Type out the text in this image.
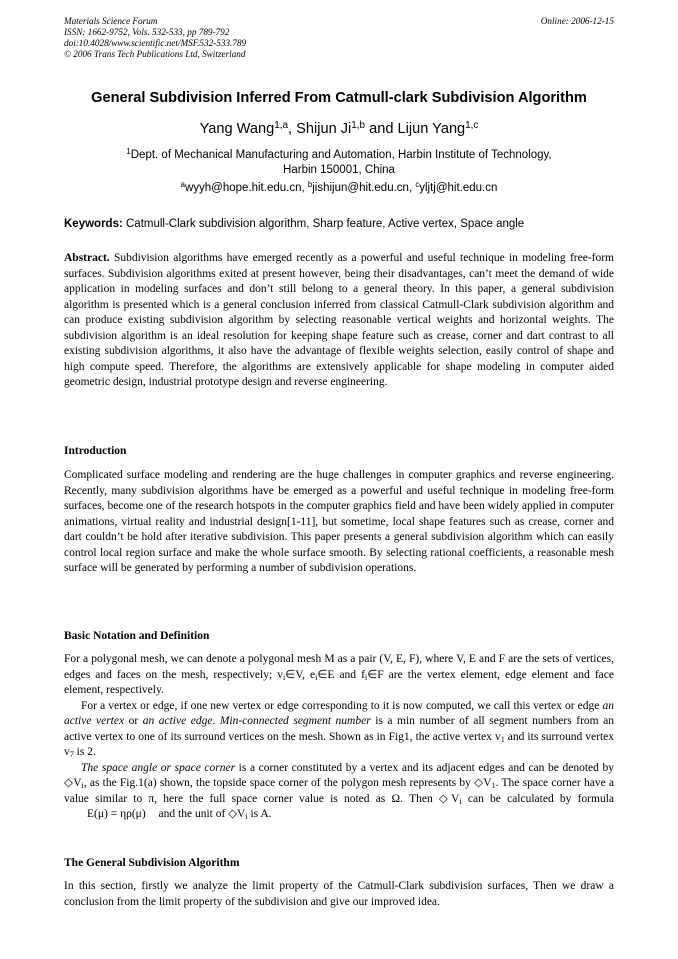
Materials Science Forum
ISSN: 1662-9752, Vols. 532-533, pp 789-792
doi:10.4028/www.scientific.net/MSF.532-533.789
© 2006 Trans Tech Publications Ltd, Switzerland
Online: 2006-12-15
General Subdivision Inferred From Catmull-clark Subdivision Algorithm
Yang Wang$^{1,a}$, Shijun Ji$^{1,b}$ and Lijun Yang$^{1,c}$
$^1$Dept. of Mechanical Manufacturing and Automation, Harbin Institute of Technology,
Harbin 150001, China
$^a$wyyh@hope.hit.edu.cn, $^b$jishijun@hit.edu.cn, $^c$yljtj@hit.edu.cn
Keywords: Catmull-Clark subdivision algorithm, Sharp feature, Active vertex, Space angle

Abstract. Subdivision algorithms have emerged recently as a powerful and useful technique in modeling free-form surfaces. Subdivision algorithms exited at present however, being their disadvantages, can’t meet the demand of wide application in modeling surfaces and don’t still belong to a general theory. In this paper, a general subdivision algorithm is presented which is a general conclusion inferred from classical Catmull-Clark subdivision algorithm and can produce existing subdivision algorithm by selecting reasonable vertical weights and horizontal weights. The subdivision algorithm is an ideal resolution for keeping shape feature such as crease, corner and dart contrast to all existing subdivision algorithms, it also have the advantage of flexible weights selection, easily control of shape and high compute speed. Therefore, the algorithms are extensively applicable for shape modeling in computer aided geometric design, industrial prototype design and reverse engineering.

Introduction

Complicated surface modeling and rendering are the huge challenges in computer graphics and reverse engineering. Recently, many subdivision algorithms have be emerged as a powerful and useful technique in modeling free-form surfaces, become one of the research hotspots in the computer graphics field and have been widely applied in computer animations, virtual reality and industrial design[1-11], but sometime, local shape features such as crease, corner and dart couldn’t be hold after iterative subdivision. This paper presents a general subdivision algorithm which can easily control local region surface and make the whole surface smooth. By selecting rational coefficients, a reasonable mesh surface will be generated by performing a number of subdivision operations.

Basic Notation and Definition

For a polygonal mesh, we can denote a polygonal mesh M as a pair (V, E, F), where V, E and F are the sets of vertices, edges and faces on the mesh, respectively; $v_i\in V$, $e_i\in E$ and $f_i\in F$ are the vertex element, edge element and face element, respectively.

For a vertex or edge, if one new vertex or edge corresponding to it is now computed, we call this vertex or edge an active vertex or an active edge. Min-connected segment number is a min number of all segment numbers from an active vertex to one of its surround vertices on the mesh. Shown as in Fig1, the active vertex $v_1$ and its surround vertex $v_7$ is 2.

The space angle or space corner is a corner constituted by a vertex and its adjacent edges and can be denoted by $◇V_i$, as the Fig.1(a) shown, the topside space corner of the polygon mesh represents by $◇V_1$. The space corner have a value similar to π, here the full space corner value is noted as Ω. Then $◇V_i$ can be calculated by formula E(μ) = ηρ(μ) and the unit of $◇V_i$ is A.

The General Subdivision Algorithm

In this section, firstly we analyze the limit property of the Catmull-Clark subdivision surfaces, Then we draw a conclusion from the limit property of the subdivision and give our improved idea.
